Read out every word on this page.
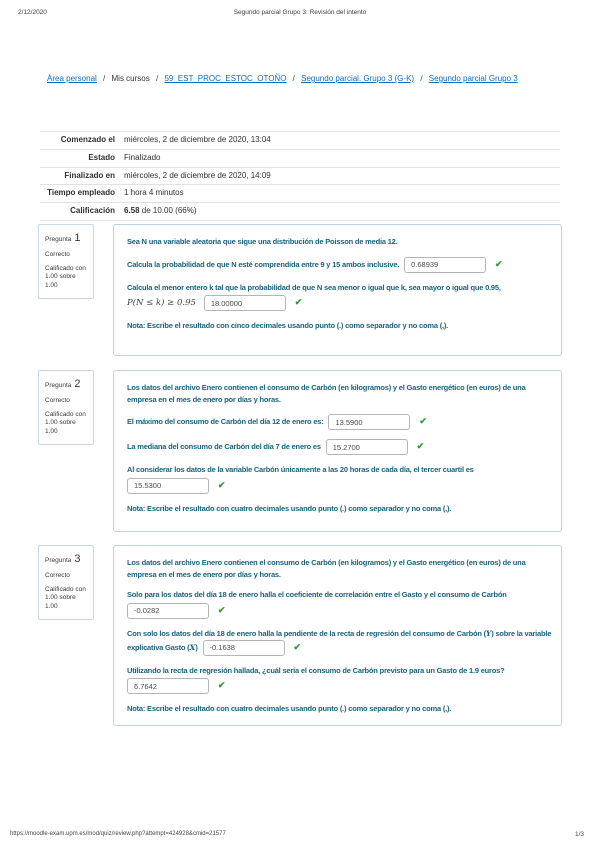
2/12/2020	Segundo parcial Grupo 3: Revisión del intento
Área personal / Mis cursos / 59_EST_PROC_ESTOC_OTOÑO / Segundo parcial. Grupo 3 (G-K) / Segundo parcial Grupo 3
Comenzado el	miércoles, 2 de diciembre de 2020, 13:04
Estado	Finalizado
Finalizado en	miércoles, 2 de diciembre de 2020, 14:09
Tiempo empleado	1 hora 4 minutos
Calificación	6.58 de 10.00 (66%)
Pregunta 1
Correcto
Calificado con 1.00 sobre 1.00

Sea N una variable aleatoria que sigue una distribución de Poisson de media 12.

Calcula la probabilidad de que N esté comprendida entre 9 y 15 ambos inclusive. 0.68939	✔

Calcula el menor entero k tal que la probabilidad de que N sea menor o igual que k, sea mayor o igual que 0.95,

P(N ≤ k) ≥ 0.95 18.00000	✔

Nota: Escribe el resultado con cinco decimales usando punto (.) como separador y no coma (,).

Pregunta 2
Correcto
Calificado con 1.00 sobre 1.00

Los datos del archivo Enero contienen el consumo de Carbón (en kilogramos) y el Gasto energético (en euros) de una empresa en el mes de enero por días y horas.

El máximo del consumo de Carbón del día 12 de enero es: 13.5900	✔

La mediana del consumo de Carbón del día 7 de enero es 15.2700	✔

Al considerar los datos de la variable Carbón únicamente a las 20 horas de cada día, el tercer cuartil es

15.5300 ✔

Nota: Escribe el resultado con cuatro decimales usando punto (.) como separador y no coma (,).

Pregunta 3
Correcto
Calificado con 1.00 sobre 1.00

Los datos del archivo Enero contienen el consumo de Carbón (en kilogramos) y el Gasto energético (en euros) de una empresa en el mes de enero por días y horas.

Solo para los datos del día 18 de enero halla el coeficiente de correlación entre el Gasto y el consumo de Carbón

-0.0282 ✔

Con solo los datos del día 18 de enero halla la pendiente de la recta de regresión del consumo de Carbón (Y) sobre la variable explicativa Gasto (X) -0.1638	✔

Utilizando la recta de regresión hallada, ¿cuál sería el consumo de Carbón previsto para un Gasto de 1.9 euros?

6.7642 ✔

Nota: Escribe el resultado con cuatro decimales usando punto (.) como separador y no coma (,).

https://moodle-exam.upm.es/mod/quiz/review.php?attempt=424928&cmid=21577	1/3
